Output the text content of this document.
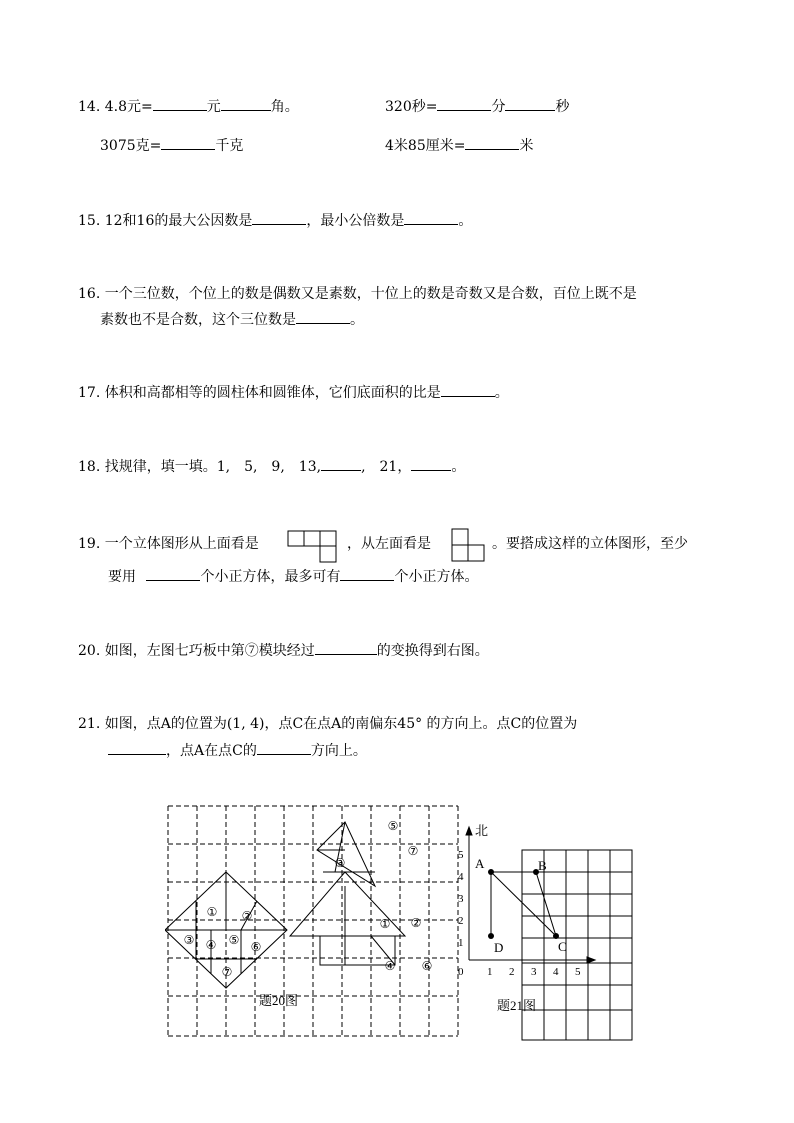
14. 4.8元=	元	角。	320秒=	分	秒
3075克=	千克	4米85厘米=	米
15. 12和16的最大公因数是	，最小公倍数是	。
16. 一个三位数，个位上的数是偶数又是素数，十位上的数是奇数又是合数，百位上既不是
素数也不是合数，这个三位数是	。
17. 体积和高都相等的圆柱体和圆锥体，它们底面积的比是	。
18. 找规律，填一填。1,　5,　9,　13,	,　21，	。
19. 一个立体图形从上面看是	，从左面看是	。要搭成这样的立体图形，至少
要用	个小正方体，最多可有	个小正方体。
20. 如图，左图七巧板中第⑦模块经过	的变换得到右图。
21. 如图，点A的位置为(1, 4)，点C在点A的南偏东45° 的方向上。点C的位置为
，点A在点C的	方向上。
① ②
③ ④ ⑤ ⑥
⑦
⑤
⑦
③
① ②
④ ⑥
题20图
北
0 1 2 3 4 5
1
2
3
4
5
A	B
C
D
题21图
